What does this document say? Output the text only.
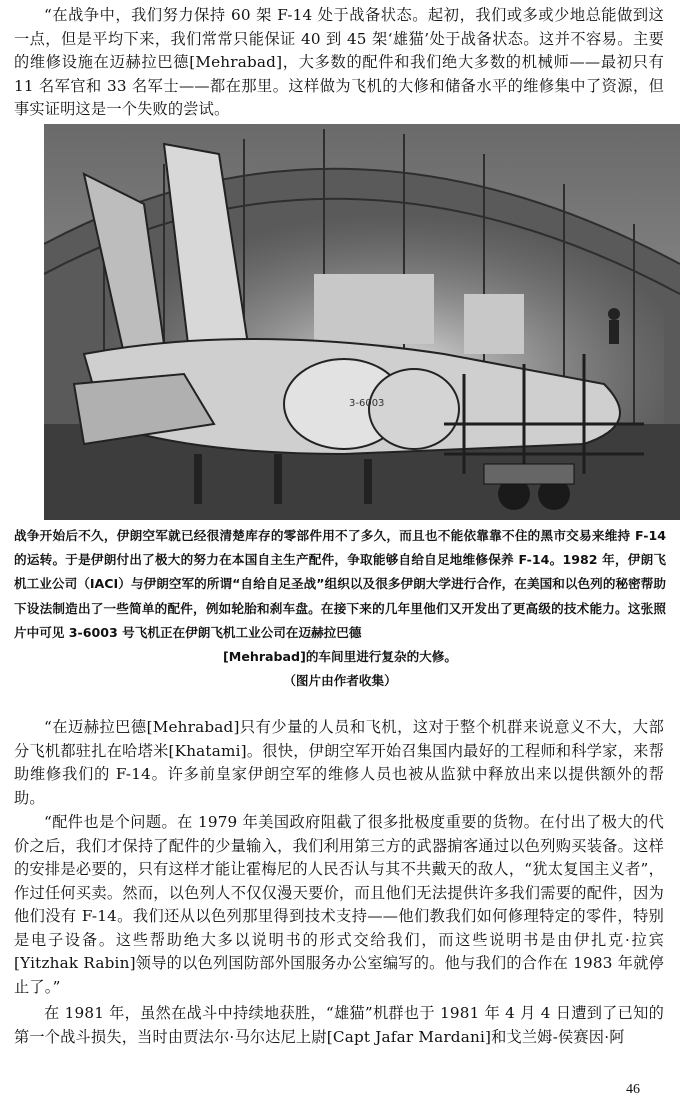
“在战争中，我们努力保持 60 架 F-14 处于战备状态。起初，我们或多或少地总能做到这一点，但是平均下来，我们常常只能保证 40 到 45 架‘雄猫’处于战备状态。这并不容易。主要的维修设施在迈赫拉巴德[Mehrabad]，大多数的配件和我们绝大多数的机械师——最初只有 11 名军官和 33 名军士——都在那里。这样做为飞机的大修和储备水平的维修集中了资源，但事实证明这是一个失败的尝试。

3-6003
战争开始后不久，伊朗空军就已经很清楚库存的零部件用不了多久，而且也不能依靠靠不住的黑市交易来维持 F-14 的运转。于是伊朗付出了极大的努力在本国自主生产配件，争取能够自给自足地维修保养 F-14。1982 年，伊朗飞机工业公司（IACI）与伊朗空军的所谓“自给自足圣战”组织以及很多伊朗大学进行合作，在美国和以色列的秘密帮助下设法制造出了一些简单的配件，例如轮胎和刹车盘。在接下来的几年里他们又开发出了更高级的技术能力。这张照片中可见 3-6003 号飞机正在伊朗飞机工业公司在迈赫拉巴德
[Mehrabad]的车间里进行复杂的大修。
（图片由作者收集）

“在迈赫拉巴德[Mehrabad]只有少量的人员和飞机，这对于整个机群来说意义不大，大部分飞机都驻扎在哈塔米[Khatami]。很快，伊朗空军开始召集国内最好的工程师和科学家，来帮助维修我们的 F-14。许多前皇家伊朗空军的维修人员也被从监狱中释放出来以提供额外的帮助。

“配件也是个问题。在 1979 年美国政府阻截了很多批极度重要的货物。在付出了极大的代价之后，我们才保持了配件的少量输入，我们利用第三方的武器掮客通过以色列购买装备。这样的安排是必要的，只有这样才能让霍梅尼的人民否认与其不共戴天的敌人，“犹太复国主义者”，作过任何买卖。然而，以色列人不仅仅漫天要价，而且他们无法提供许多我们需要的配件，因为他们没有 F-14。我们还从以色列那里得到技术支持——他们教我们如何修理特定的零件，特别是电子设备。这些帮助绝大多以说明书的形式交给我们，而这些说明书是由伊扎克·拉宾[Yitzhak Rabin]领导的以色列国防部外国服务办公室编写的。他与我们的合作在 1983 年就停止了。”

在 1981 年，虽然在战斗中持续地获胜，“雄猫”机群也于 1981 年 4 月 4 日遭到了已知的第一个战斗损失，当时由贾法尔·马尔达尼上尉[Capt Jafar Mardani]和戈兰姆-侯赛因·阿

46
